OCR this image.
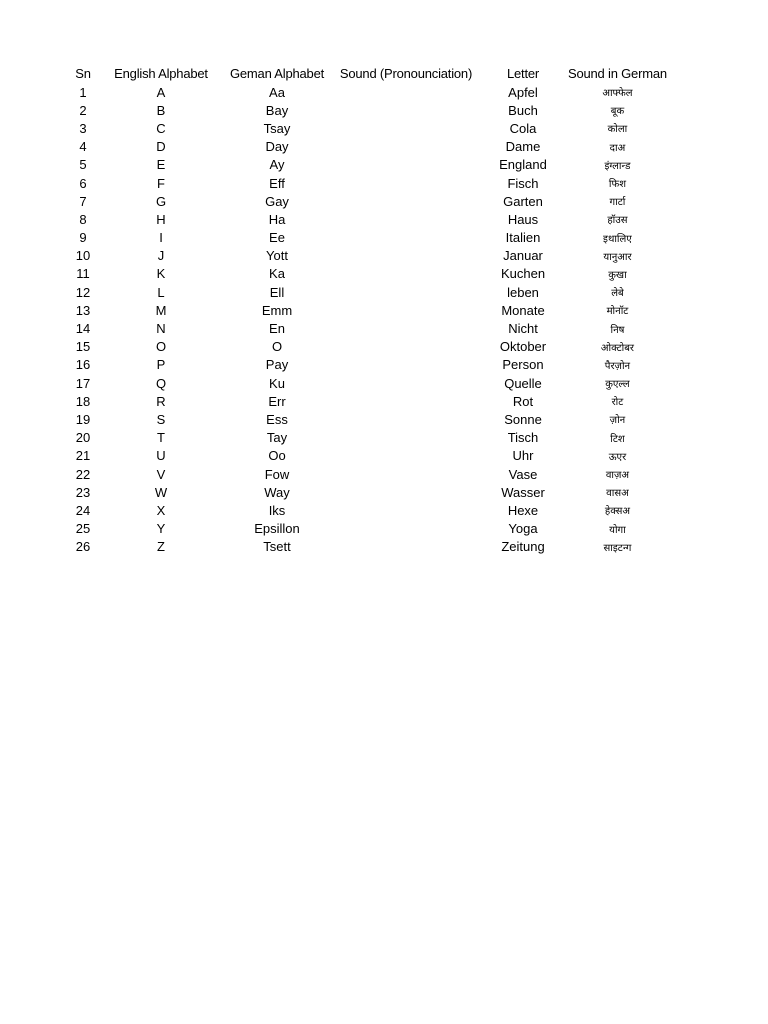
Sn	English Alphabet	Geman Alphabet	Sound (Pronounciation)	Letter	Sound in German
1	A	Aa		Apfel	आफ्फेल
2	B	Bay		Buch	बूक
3	C	Tsay		Cola	कोला
4	D	Day		Dame	दाअ
5	E	Ay		England	इंग्लान्ड
6	F	Eff		Fisch	फिश
7	G	Gay		Garten	गार्टा
8	H	Ha		Haus	हॉउस
9	I	Ee		Italien	इथालिए
10	J	Yott		Januar	यानुआर
11	K	Ka		Kuchen	कुखा
12	L	Ell		leben	लेबे
13	M	Emm		Monate	मोनॉट
14	N	En		Nicht	निष
15	O	O		Oktober	ओक्टोबर
16	P	Pay		Person	पैरज़ोन
17	Q	Ku		Quelle	कुएल्ल
18	R	Err		Rot	रोट
19	S	Ess		Sonne	ज़ोन
20	T	Tay		Tisch	टिश
21	U	Oo		Uhr	ऊएर
22	V	Fow		Vase	वाज़अ
23	W	Way		Wasser	वासअ
24	X	Iks		Hexe	हेक्सअ
25	Y	Epsillon		Yoga	योगा
26	Z	Tsett		Zeitung	साइटन्ग
